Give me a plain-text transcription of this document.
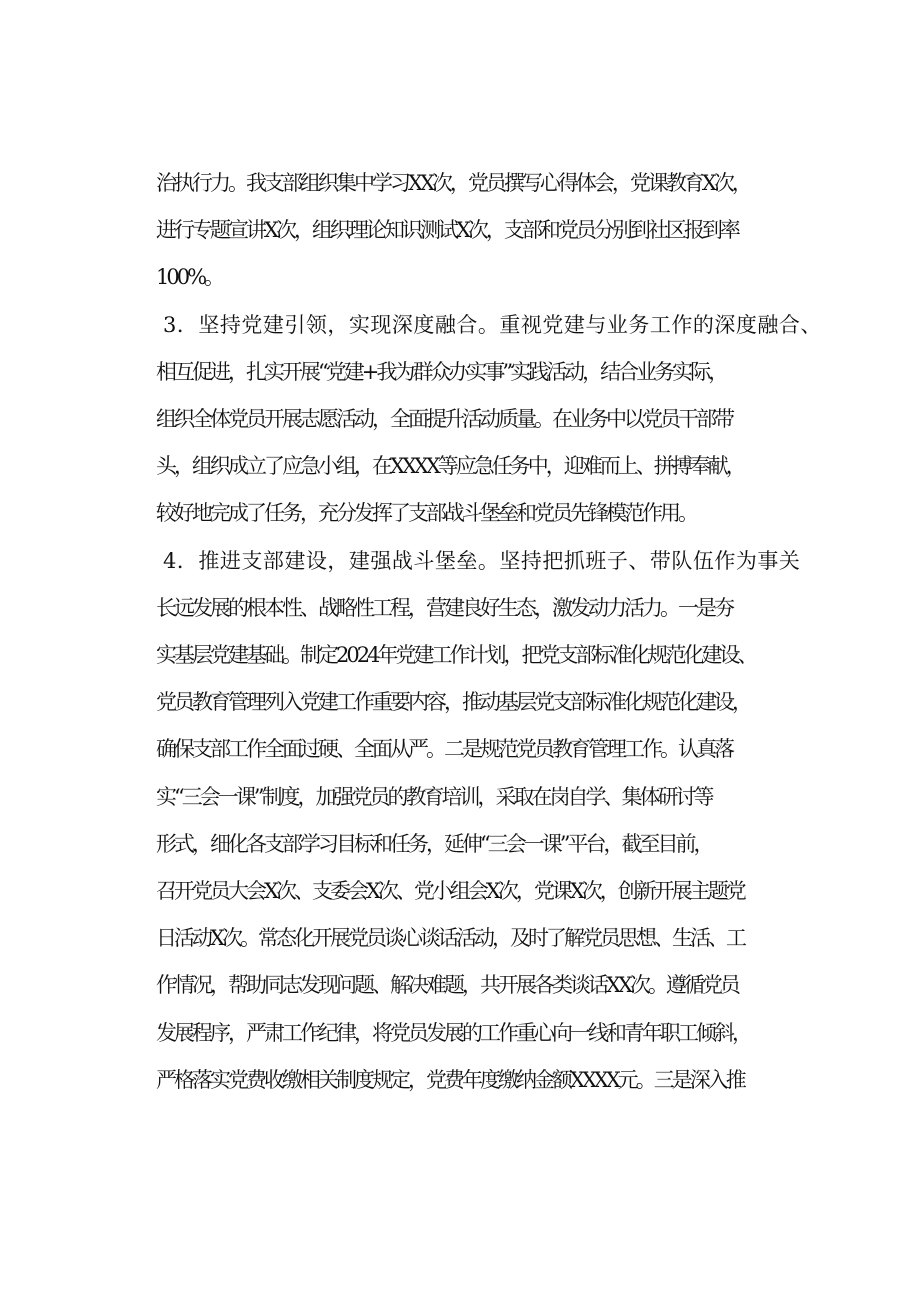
治执行力。我支部组织集中学习XX次，党员撰写心得体会，党课教育X次，
进行专题宣讲X次，组织理论知识测试X次，支部和党员分别到社区报到率
100%。
3．坚持党建引领，实现深度融合。重视党建与业务工作的深度融合、
相互促进，扎实开展“党建+我为群众办实事”实践活动，结合业务实际，
组织全体党员开展志愿活动，全面提升活动质量。在业务中以党员干部带
头，组织成立了应急小组，在XXXX等应急任务中，迎难而上、拼搏奉献，
较好地完成了任务，充分发挥了支部战斗堡垒和党员先锋模范作用。
4．推进支部建设，建强战斗堡垒。坚持把抓班子、带队伍作为事关
长远发展的根本性、战略性工程，营建良好生态，激发动力活力。一是夯
实基层党建基础。制定2024年党建工作计划，把党支部标准化规范化建设、
党员教育管理列入党建工作重要内容，推动基层党支部标准化规范化建设，
确保支部工作全面过硬、全面从严。二是规范党员教育管理工作。认真落
实“三会一课”制度，加强党员的教育培训，采取在岗自学、集体研讨等
形式，细化各支部学习目标和任务，延伸“三会一课”平台，截至目前，
召开党员大会X次、支委会X次、党小组会X次，党课X次，创新开展主题党
日活动X次。常态化开展党员谈心谈话活动，及时了解党员思想、生活、工
作情况，帮助同志发现问题、解决难题，共开展各类谈话XX次。遵循党员
发展程序，严肃工作纪律，将党员发展的工作重心向一线和青年职工倾斜，
严格落实党费收缴相关制度规定，党费年度缴纳金额XXXX元。三是深入推
